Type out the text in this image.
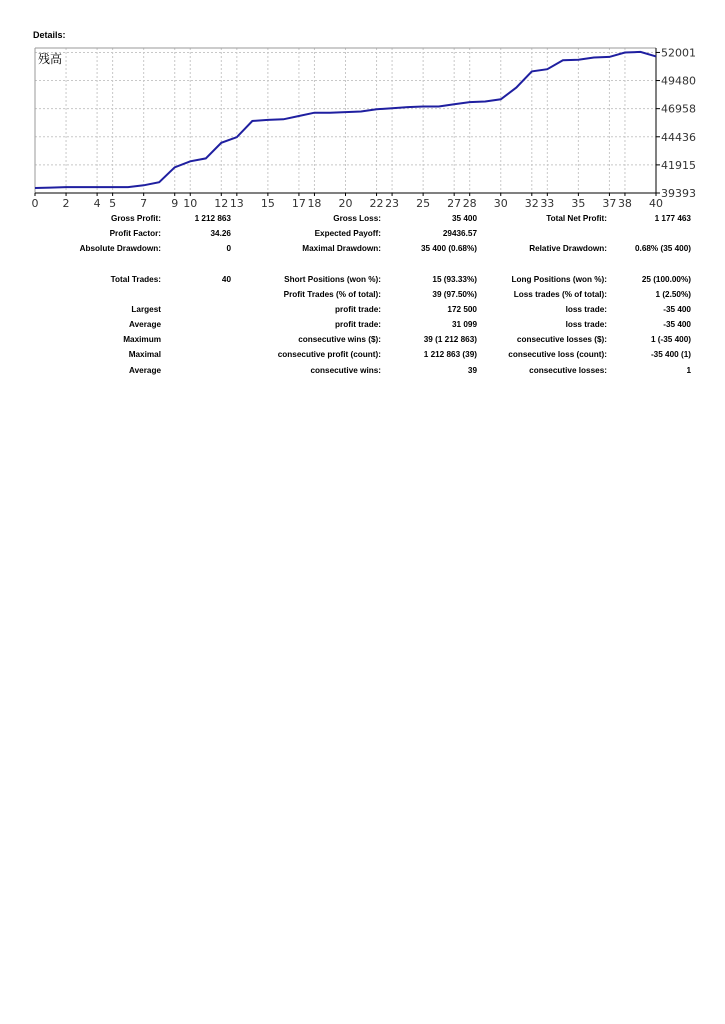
Details:
52001
49480
46958
44436
41915
39393
0 2 4 5 7 9 10 12 13 15 17 18 20 22 23 25 27 28 30 32 33 35 37 38 40
残高
Gross Profit:	1 212 863	Gross Loss:	35 400	Total Net Profit:	1 177 463
Profit Factor:	34.26	Expected Payoff:	29436.57
Absolute Drawdown:	0	Maximal Drawdown:	35 400 (0.68%)	Relative Drawdown:	0.68% (35 400)
Total Trades:	40	Short Positions (won %):	15 (93.33%)	Long Positions (won %):	25 (100.00%)
Profit Trades (% of total):	39 (97.50%)	Loss trades (% of total):	1 (2.50%)
Largest	profit trade:	172 500	loss trade:	-35 400
Average	profit trade:	31 099	loss trade:	-35 400
Maximum	consecutive wins ($):	39 (1 212 863)	consecutive losses ($):	1 (-35 400)
Maximal	consecutive profit (count):	1 212 863 (39)	consecutive loss (count):	-35 400 (1)
Average	consecutive wins:	39	consecutive losses:	1
